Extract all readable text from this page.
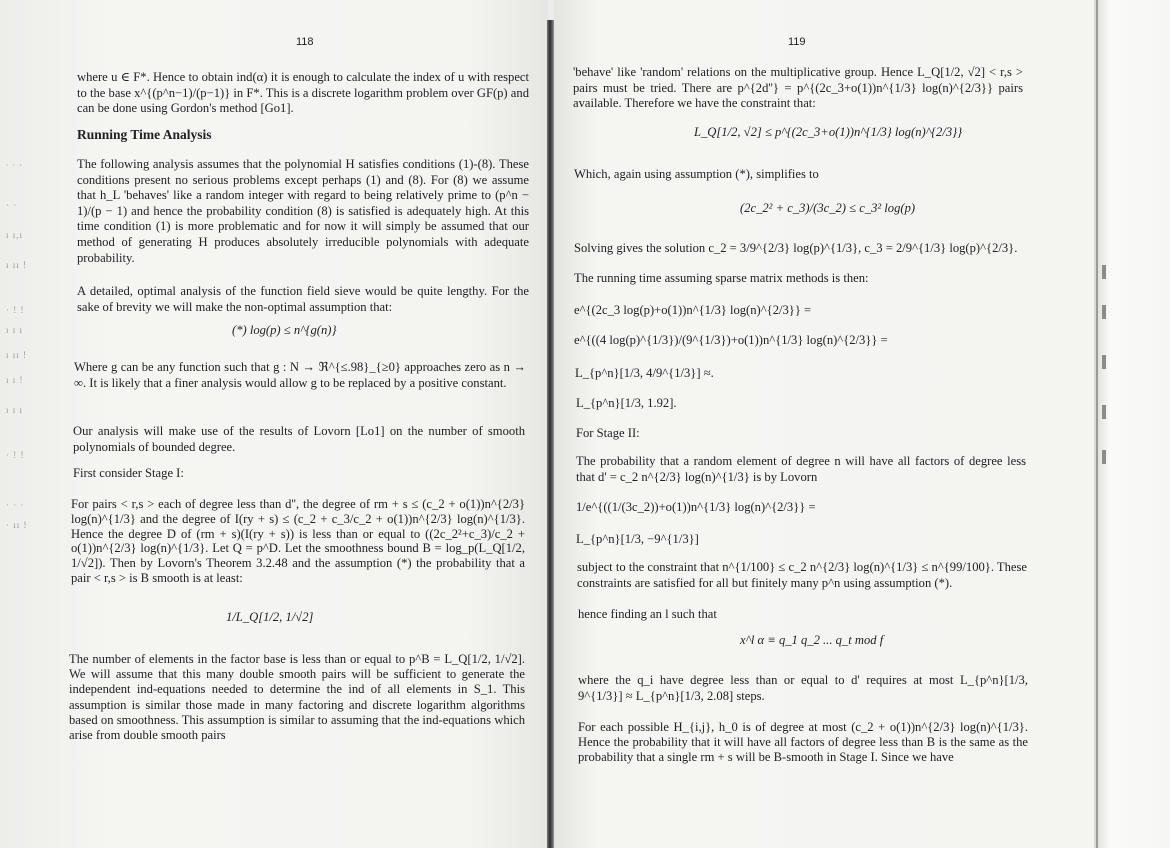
∙ ∙ ·
· ·
ı ı,ı
ı ıı !
· ! !
ı ı ı
ı ıı !
ı ı !
ı ı ı
· ! !
· · ·
· ıı !
118

where u ∈ F*. Hence to obtain ind(α) it is enough to calculate the index of u with respect to the base x^{(p^n−1)/(p−1)} in F*. This is a discrete logarithm problem over GF(p) and can be done using Gordon's method [Go1].

Running Time Analysis

The following analysis assumes that the polynomial H satisfies conditions (1)-(8). These conditions present no serious problems except perhaps (1) and (8). For (8) we assume that h_L 'behaves' like a random integer with regard to being relatively prime to (p^n − 1)/(p − 1) and hence the probability condition (8) is satisfied is adequately high. At this time condition (1) is more problematic and for now it will simply be assumed that our method of generating H produces absolutely irreducible polynomials with adequate probability.

A detailed, optimal analysis of the function field sieve would be quite lengthy. For the sake of brevity we will make the non-optimal assumption that:

(*) log(p) ≤ n^{g(n)}

Where g can be any function such that g : N → ℜ^{≤.98}_{≥0} approaches zero as n → ∞. It is likely that a finer analysis would allow g to be replaced by a positive constant.

Our analysis will make use of the results of Lovorn [Lo1] on the number of smooth polynomials of bounded degree.

First consider Stage I:

For pairs < r,s > each of degree less than d'', the degree of rm + s ≤ (c_2 + o(1))n^{2/3} log(n)^{1/3} and the degree of I(ry + s) ≤ (c_2 + c_3/c_2 + o(1))n^{2/3} log(n)^{1/3}. Hence the degree D of (rm + s)(I(ry + s)) is less than or equal to ((2c_2²+c_3)/c_2 + o(1))n^{2/3} log(n)^{1/3}. Let Q = p^D. Let the smoothness bound B = log_p(L_Q[1/2, 1/√2]). Then by Lovorn's Theorem 3.2.48 and the assumption (*) the probability that a pair < r,s > is B smooth is at least:

1/L_Q[1/2, 1/√2]

The number of elements in the factor base is less than or equal to p^B = L_Q[1/2, 1/√2]. We will assume that this many double smooth pairs will be sufficient to generate the independent ind-equations needed to determine the ind of all elements in S_1. This assumption is similar those made in many factoring and discrete logarithm algorithms based on smoothness. This assumption is similar to assuming that the ind-equations which arise from double smooth pairs

119

'behave' like 'random' relations on the multiplicative group. Hence L_Q[1/2, √2] < r,s > pairs must be tried. There are p^{2d''} = p^{(2c_3+o(1))n^{1/3} log(n)^{2/3}} pairs available. Therefore we have the constraint that:

L_Q[1/2, √2] ≤ p^{(2c_3+o(1))n^{1/3} log(n)^{2/3}}

Which, again using assumption (*), simplifies to

(2c_2² + c_3)/(3c_2) ≤ c_3² log(p)

Solving gives the solution c_2 = 3/9^{2/3} log(p)^{1/3}, c_3 = 2/9^{1/3} log(p)^{2/3}.

The running time assuming sparse matrix methods is then:

e^{(2c_3 log(p)+o(1))n^{1/3} log(n)^{2/3}} =
e^{((4 log(p)^{1/3})/(9^{1/3})+o(1))n^{1/3} log(n)^{2/3}} =
L_{p^n}[1/3, 4/9^{1/3}] ≈.
L_{p^n}[1/3, 1.92].

For Stage II:

The probability that a random element of degree n will have all factors of degree less that d' = c_2 n^{2/3} log(n)^{1/3} is by Lovorn

1/e^{((1/(3c_2))+o(1))n^{1/3} log(n)^{2/3}} =
L_{p^n}[1/3, −9^{1/3}]

subject to the constraint that n^{1/100} ≤ c_2 n^{2/3} log(n)^{1/3} ≤ n^{99/100}. These constraints are satisfied for all but finitely many p^n using assumption (*).

hence finding an l such that

x^l α ≡ q_1 q_2 ... q_t mod f

where the q_i have degree less than or equal to d' requires at most L_{p^n}[1/3, 9^{1/3}] ≈ L_{p^n}[1/3, 2.08] steps.

For each possible H_{i,j}, h_0 is of degree at most (c_2 + o(1))n^{2/3} log(n)^{1/3}. Hence the probability that it will have all factors of degree less than B is the same as the probability that a single rm + s will be B-smooth in Stage I. Since we have
